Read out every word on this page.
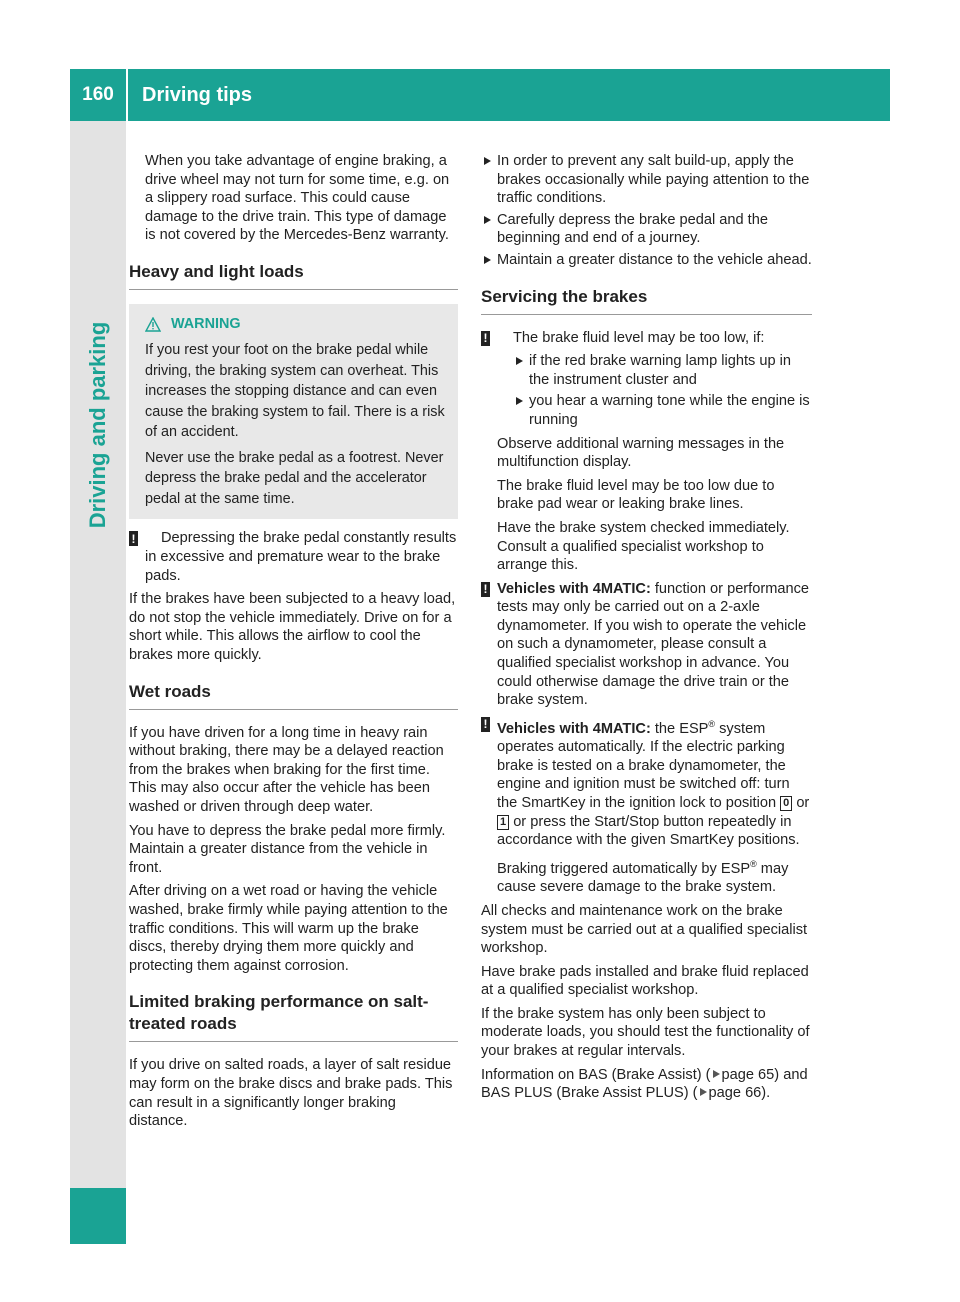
160	Driving tips
Driving and parking

When you take advantage of engine braking, a drive wheel may not turn for some time, e.g. on a slippery road surface. This could cause damage to the drive train. This type of damage is not covered by the Mercedes-Benz warranty.

Heavy and light loads
WARNING

If you rest your foot on the brake pedal while driving, the braking system can overheat. This increases the stopping distance and can even cause the braking system to fail. There is a risk of an accident.

Never use the brake pedal as a footrest. Never depress the brake pedal and the accelerator pedal at the same time.

! Depressing the brake pedal constantly results in excessive and premature wear to the brake pads.

If the brakes have been subjected to a heavy load, do not stop the vehicle immediately. Drive on for a short while. This allows the airflow to cool the brakes more quickly.

Wet roads

If you have driven for a long time in heavy rain without braking, there may be a delayed reaction from the brakes when braking for the first time. This may also occur after the vehicle has been washed or driven through deep water.

You have to depress the brake pedal more firmly. Maintain a greater distance from the vehicle in front.

After driving on a wet road or having the vehicle washed, brake firmly while paying attention to the traffic conditions. This will warm up the brake discs, thereby drying them more quickly and protecting them against corrosion.

Limited braking performance on salt-treated roads

If you drive on salted roads, a layer of salt residue may form on the brake discs and brake pads. This can result in a significantly longer braking distance.

In order to prevent any salt build-up, apply the brakes occasionally while paying attention to the traffic conditions.
Carefully depress the brake pedal and the beginning and end of a journey.
Maintain a greater distance to the vehicle ahead.
Servicing the brakes
!	The brake fluid level may be too low, if:

if the red brake warning lamp lights up in the instrument cluster and
you hear a warning tone while the engine is running

Observe additional warning messages in the multifunction display.

The brake fluid level may be too low due to brake pad wear or leaking brake lines.

Have the brake system checked immediately. Consult a qualified specialist workshop to arrange this.

! Vehicles with 4MATIC: function or performance tests may only be carried out on a 2-axle dynamometer. If you wish to operate the vehicle on such a dynamometer, please consult a qualified specialist workshop in advance. You could otherwise damage the drive train or the brake system.

! Vehicles with 4MATIC: the ESP® system operates automatically. If the electric parking brake is tested on a brake dynamometer, the engine and ignition must be switched off: turn the SmartKey in the ignition lock to position 0 or 1 or press the Start/Stop button repeatedly in accordance with the given SmartKey positions.

Braking triggered automatically by ESP® may cause severe damage to the brake system.

All checks and maintenance work on the brake system must be carried out at a qualified specialist workshop.

Have brake pads installed and brake fluid replaced at a qualified specialist workshop.

If the brake system has only been subject to moderate loads, you should test the functionality of your brakes at regular intervals.

Information on BAS (Brake Assist) ( page 65) and BAS PLUS (Brake Assist PLUS) ( page 66).
